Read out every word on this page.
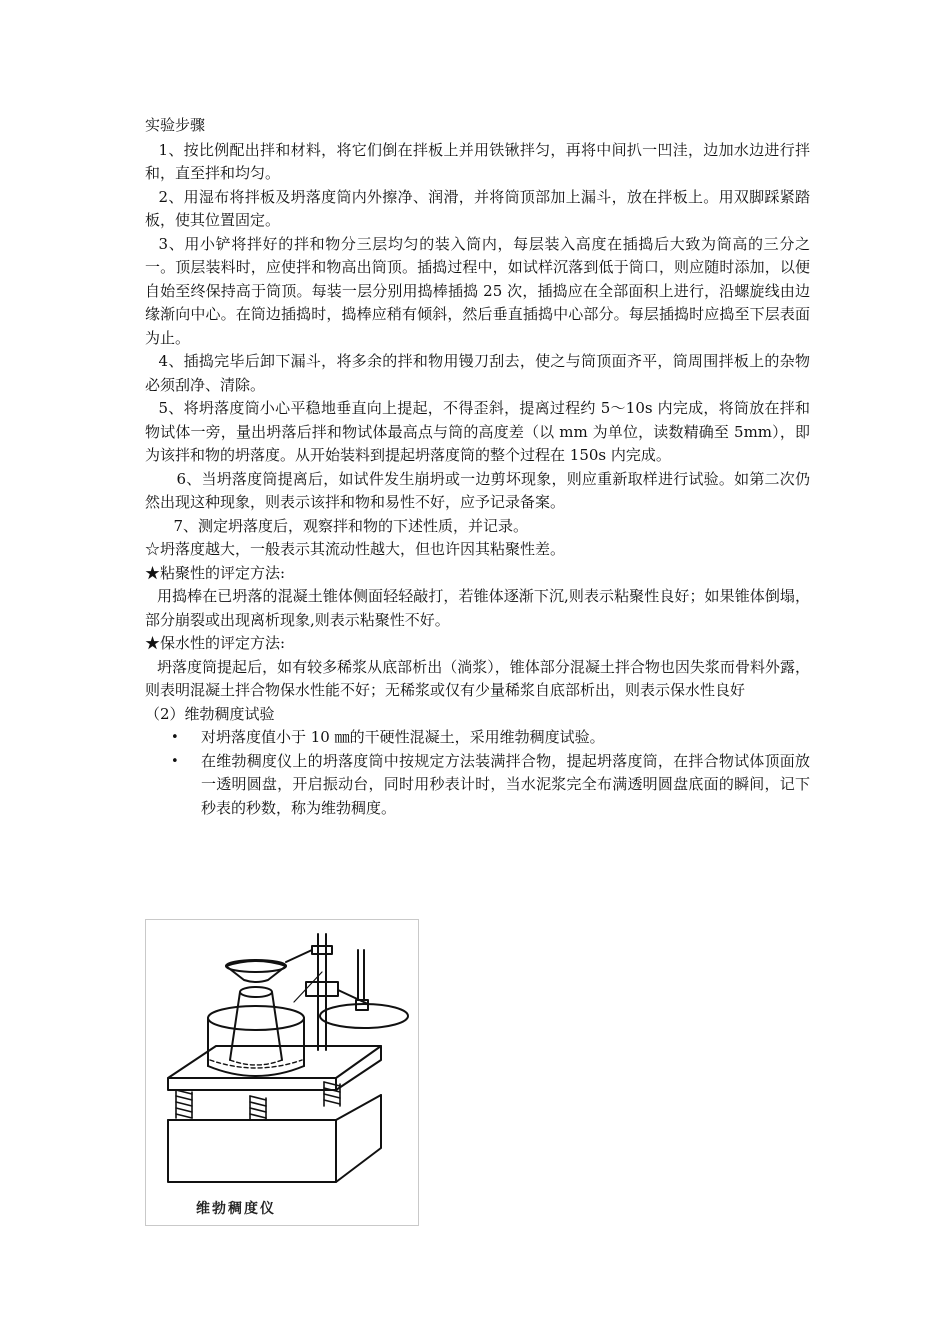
实验步骤

1、按比例配出拌和材料，将它们倒在拌板上并用铁锹拌匀，再将中间扒一凹洼，边加水边进行拌和，直至拌和均匀。

2、用湿布将拌板及坍落度筒内外擦净、润滑，并将筒顶部加上漏斗，放在拌板上。用双脚踩紧踏板，使其位置固定。

3、用小铲将拌好的拌和物分三层均匀的装入筒内，每层装入高度在插捣后大致为筒高的三分之一。顶层装料时，应使拌和物高出筒顶。插捣过程中，如试样沉落到低于筒口，则应随时添加，以便自始至终保持高于筒顶。每装一层分别用捣棒插捣 25 次，插捣应在全部面积上进行，沿螺旋线由边缘渐向中心。在筒边插捣时，捣棒应稍有倾斜，然后垂直插捣中心部分。每层插捣时应捣至下层表面为止。

4、插捣完毕后卸下漏斗，将多余的拌和物用镘刀刮去，使之与筒顶面齐平，筒周围拌板上的杂物必须刮净、清除。

5、将坍落度筒小心平稳地垂直向上提起，不得歪斜，提离过程约 5～10s 内完成，将筒放在拌和物试体一旁，量出坍落后拌和物试体最高点与筒的高度差（以 mm 为单位，读数精确至 5mm），即为该拌和物的坍落度。从开始装料到提起坍落度筒的整个过程在 150s 内完成。

6、当坍落度筒提离后，如试件发生崩坍或一边剪坏现象，则应重新取样进行试验。如第二次仍然出现这种现象，则表示该拌和物和易性不好，应予记录备案。

7、测定坍落度后，观察拌和物的下述性质，并记录。

☆坍落度越大，一般表示其流动性越大，但也许因其粘聚性差。

★粘聚性的评定方法:

用捣棒在已坍落的混凝土锥体侧面轻轻敲打，若锥体逐渐下沉,则表示粘聚性良好；如果锥体倒塌，部分崩裂或出现离析现象,则表示粘聚性不好。

★保水性的评定方法:

坍落度筒提起后，如有较多稀浆从底部析出（淌浆），锥体部分混凝土拌合物也因失浆而骨料外露，则表明混凝土拌合物保水性能不好；无稀浆或仅有少量稀浆自底部析出，则表示保水性良好

（2）维勃稠度试验

•	对坍落度值小于 10 ㎜的干硬性混凝土，采用维勃稠度试验。
•	在维勃稠度仪上的坍落度筒中按规定方法装满拌合物，提起坍落度筒，在拌合物试体顶面放一透明圆盘，开启振动台，同时用秒表计时，当水泥浆完全布满透明圆盘底面的瞬间，记下秒表的秒数，称为维勃稠度。
维勃稠度仪
